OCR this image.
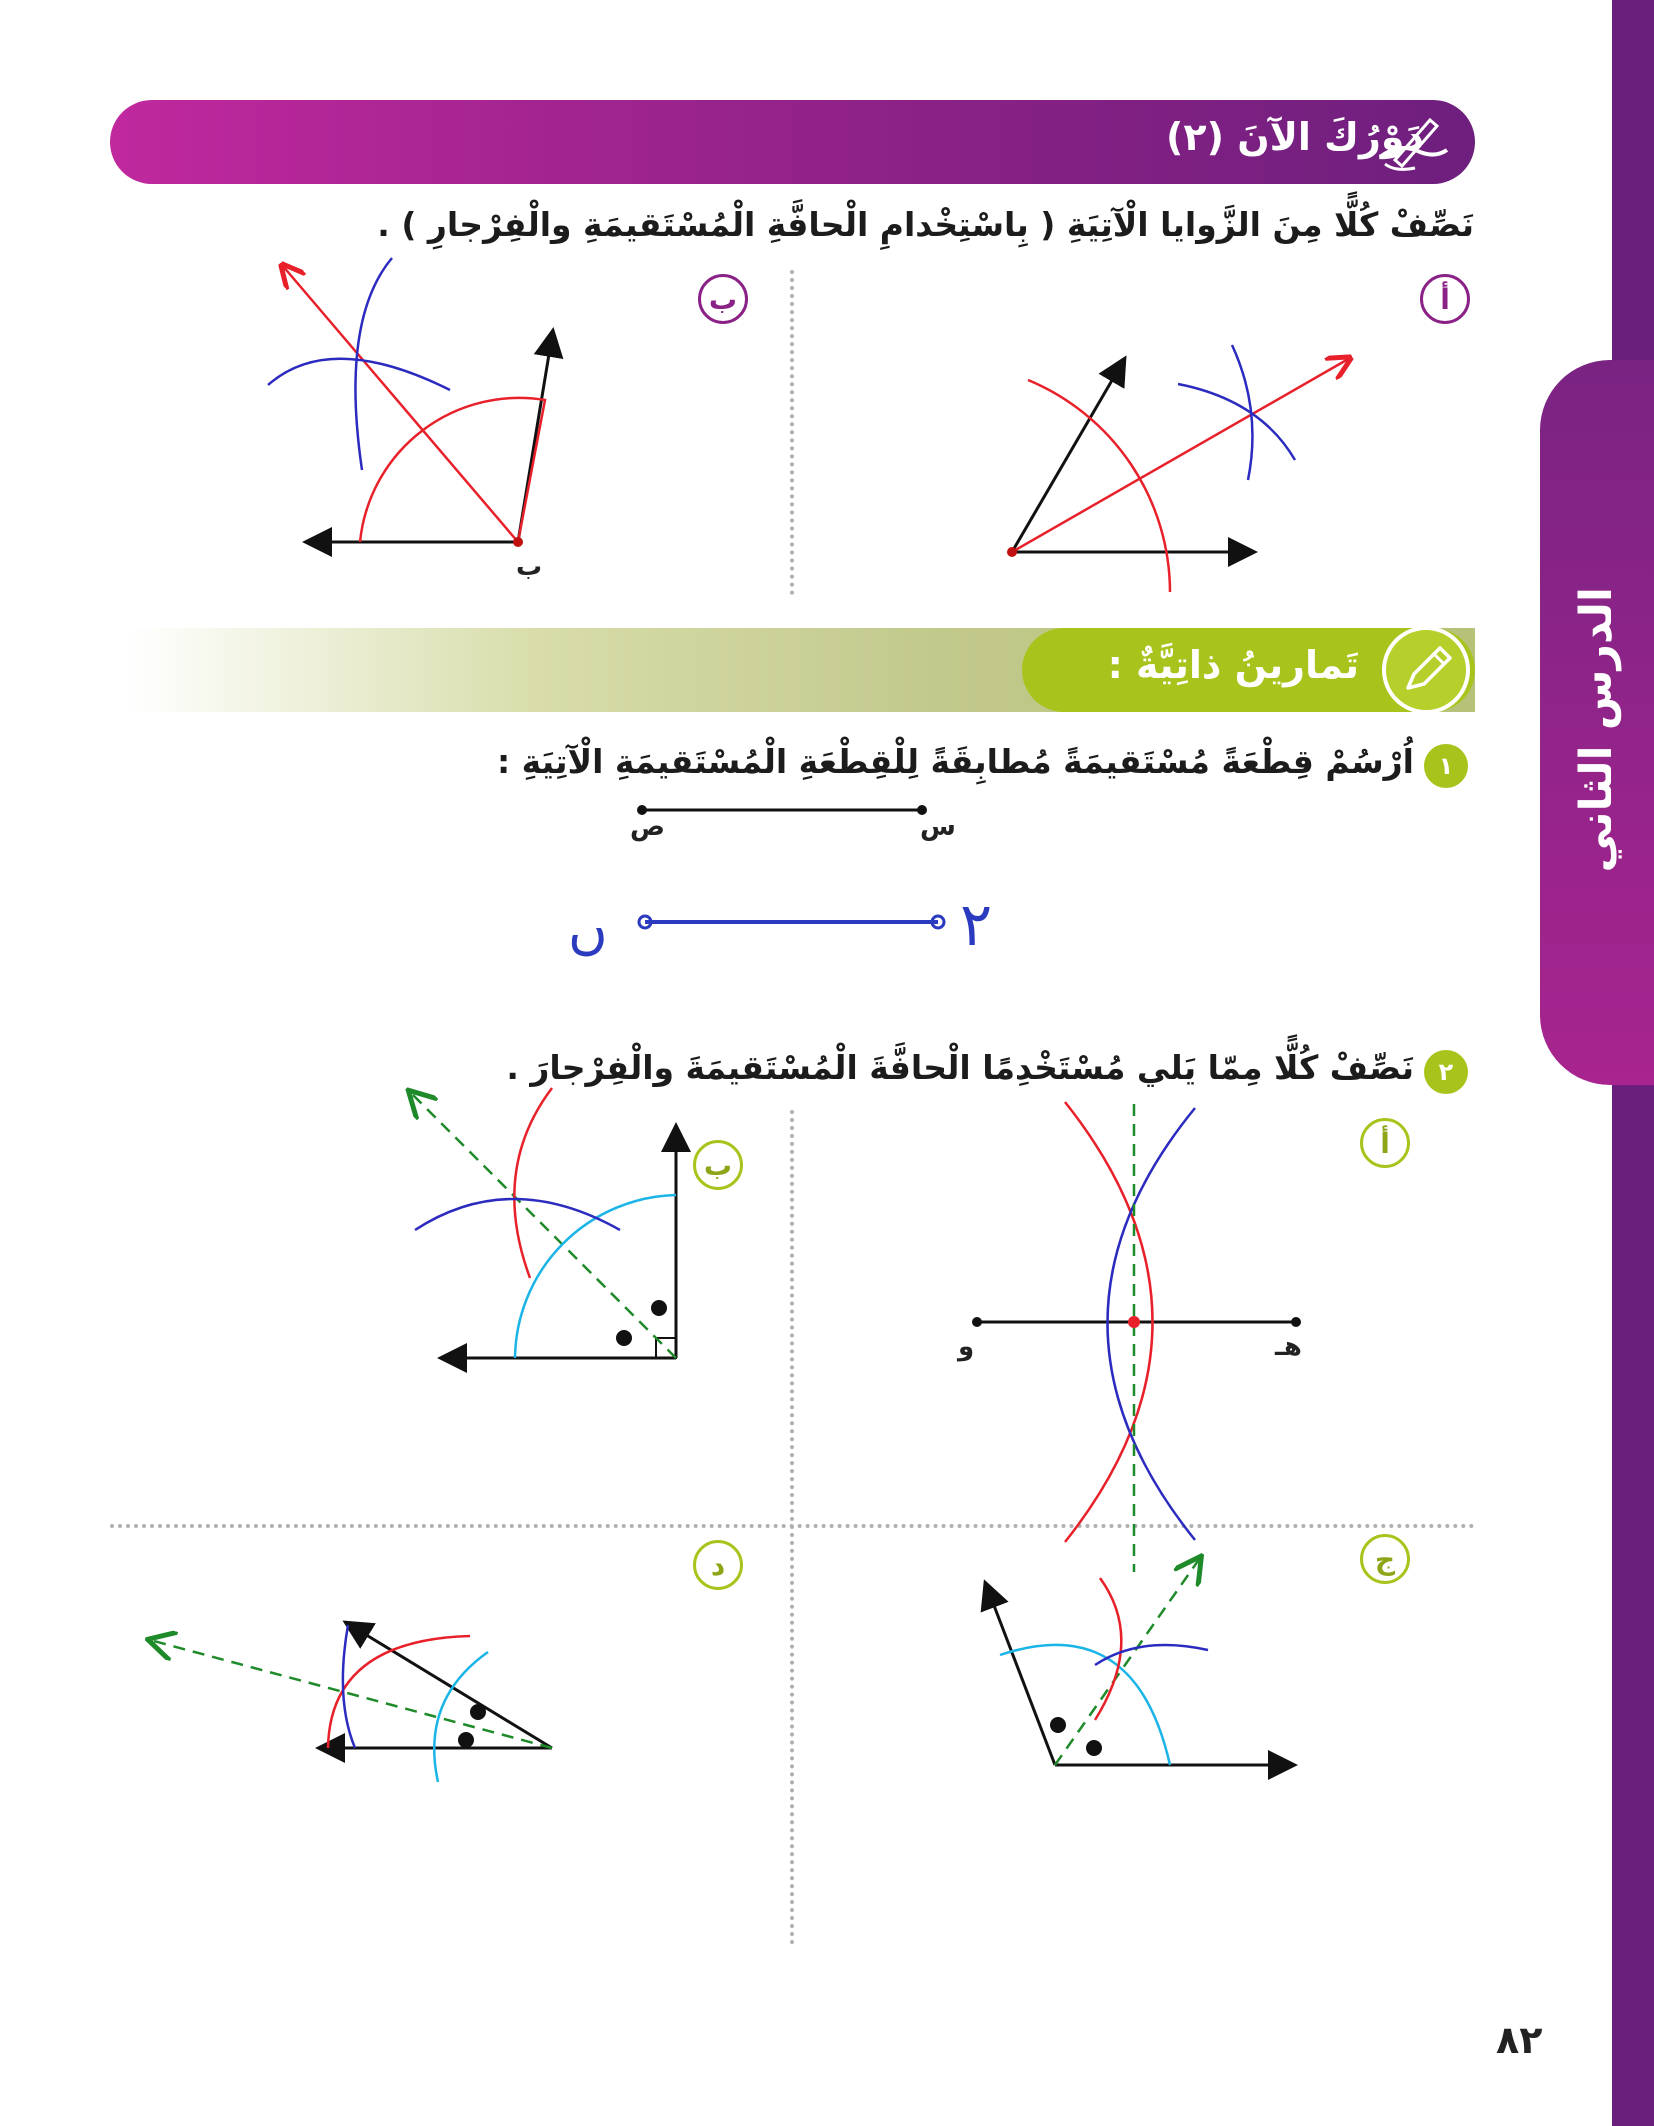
الدرس الثاني
دَوْرُكَ الآنَ (٢)
نَصِّفْ كُلًّا مِنَ الزَّوايا الْآتِيَةِ ( بِاسْتِخْدامِ الْحافَّةِ الْمُسْتَقيمَةِ والْفِرْجارِ ) .
أ
ب
ب
تَمارينُ ذاتِيَّةٌ :
١
اُرْسُمْ قِطْعَةً مُسْتَقيمَةً مُطابِقَةً لِلْقِطْعَةِ الْمُسْتَقيمَةِ الْآتِيَةِ :
س
ص
ں	۲
٢
نَصِّفْ كُلًّا مِمّا يَلي مُسْتَخْدِمًا الْحافَّةَ الْمُسْتَقيمَةَ والْفِرْجارَ .
أ
ب
ج
د
هـ
و
٨٢
